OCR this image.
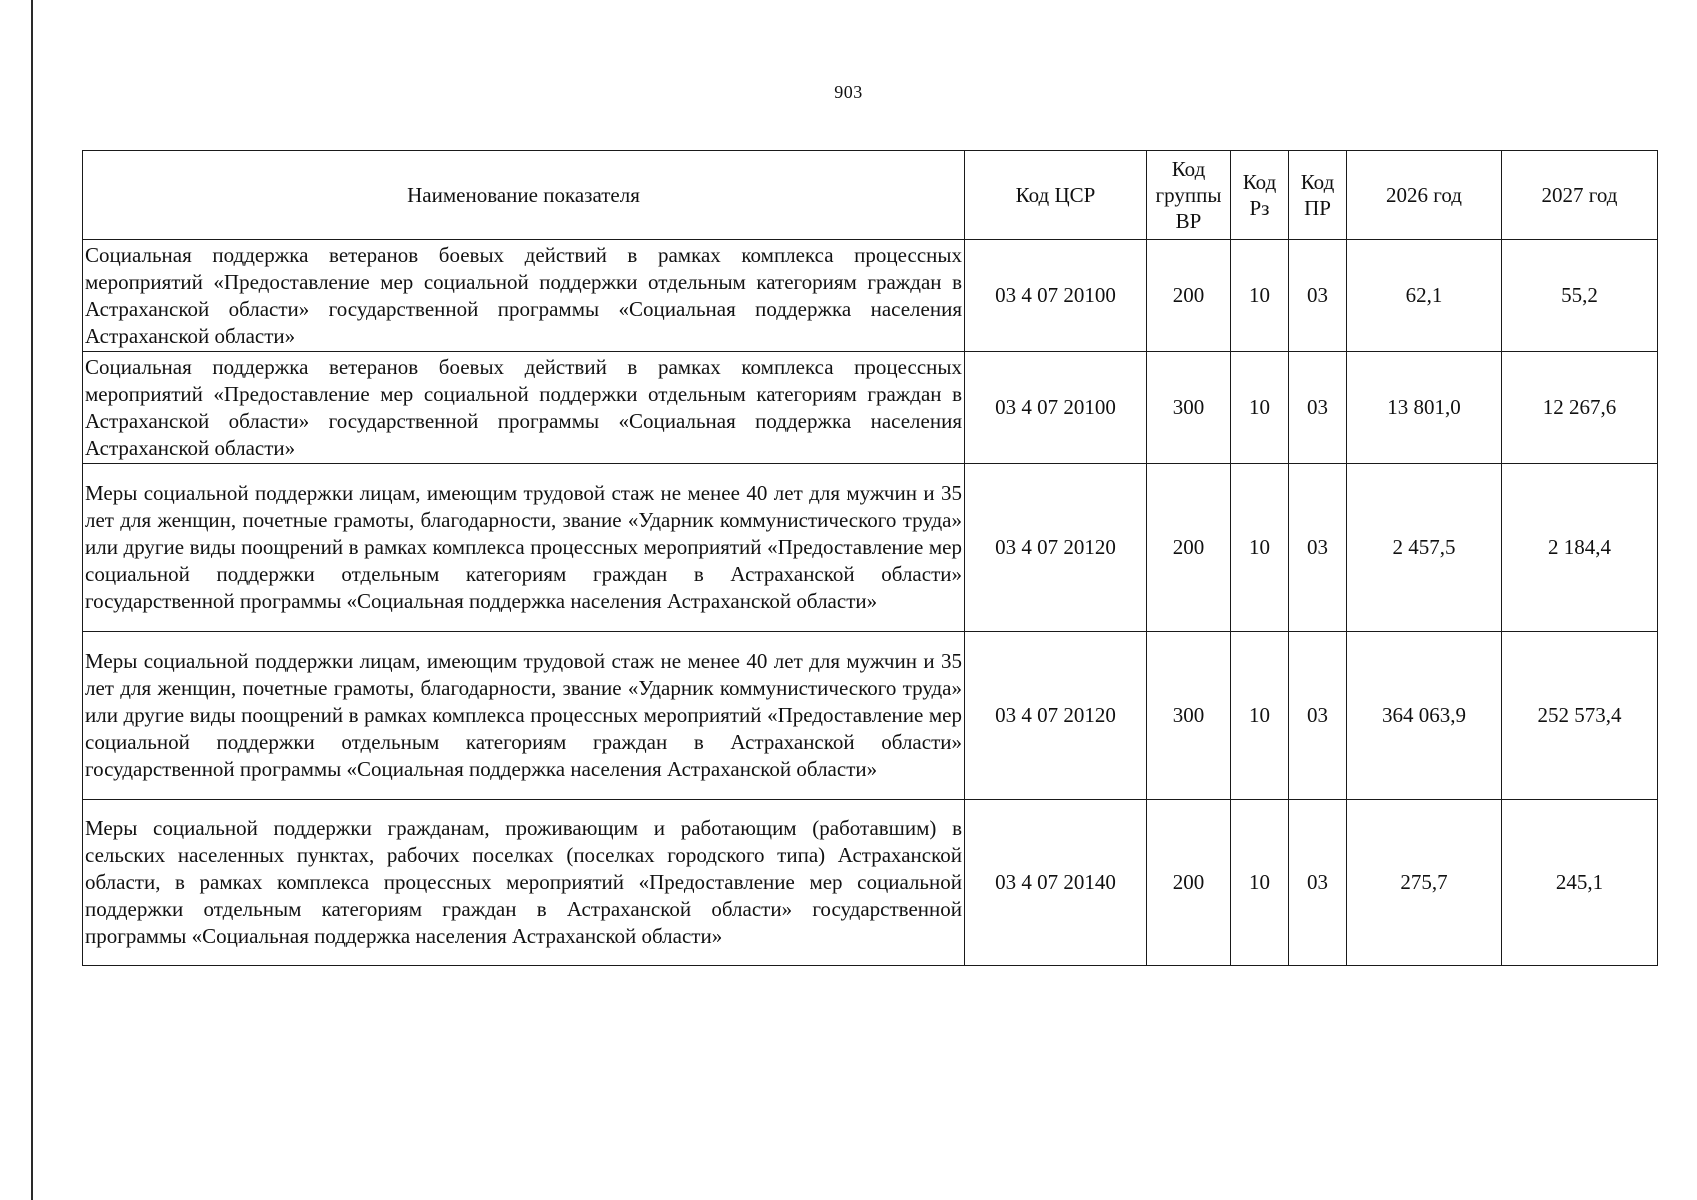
903
Наименование показателя	Код ЦСР	Код группы ВР	Код Рз	Код ПР	2026 год	2027 год
Социальная поддержка ветеранов боевых действий в рамках комплекса процессных мероприятий «Предоставление мер социальной поддержки отдельным категориям граждан в Астраханской области» государственной программы «Социальная поддержка населения Астраханской области»	03 4 07 20100	200	10	03	62,1	55,2
Социальная поддержка ветеранов боевых действий в рамках комплекса процессных мероприятий «Предоставление мер социальной поддержки отдельным категориям граждан в Астраханской области» государственной программы «Социальная поддержка населения Астраханской области»	03 4 07 20100	300	10	03	13 801,0	12 267,6
Меры социальной поддержки лицам, имеющим трудовой стаж не менее 40 лет для мужчин и 35 лет для женщин, почетные грамоты, благодарности, звание «Ударник коммунистического труда» или другие виды поощрений в рамках комплекса процессных мероприятий «Предоставление мер социальной поддержки отдельным категориям граждан в Астраханской области» государственной программы «Социальная поддержка населения Астраханской области»	03 4 07 20120	200	10	03	2 457,5	2 184,4
Меры социальной поддержки лицам, имеющим трудовой стаж не менее 40 лет для мужчин и 35 лет для женщин, почетные грамоты, благодарности, звание «Ударник коммунистического труда» или другие виды поощрений в рамках комплекса процессных мероприятий «Предоставление мер социальной поддержки отдельным категориям граждан в Астраханской области» государственной программы «Социальная поддержка населения Астраханской области»	03 4 07 20120	300	10	03	364 063,9	252 573,4
Меры социальной поддержки гражданам, проживающим и работающим (работавшим) в сельских населенных пунктах, рабочих поселках (поселках городского типа) Астраханской области, в рамках комплекса процессных мероприятий «Предоставление мер социальной поддержки отдельным категориям граждан в Астраханской области» государственной программы «Социальная поддержка населения Астраханской области»	03 4 07 20140	200	10	03	275,7	245,1
